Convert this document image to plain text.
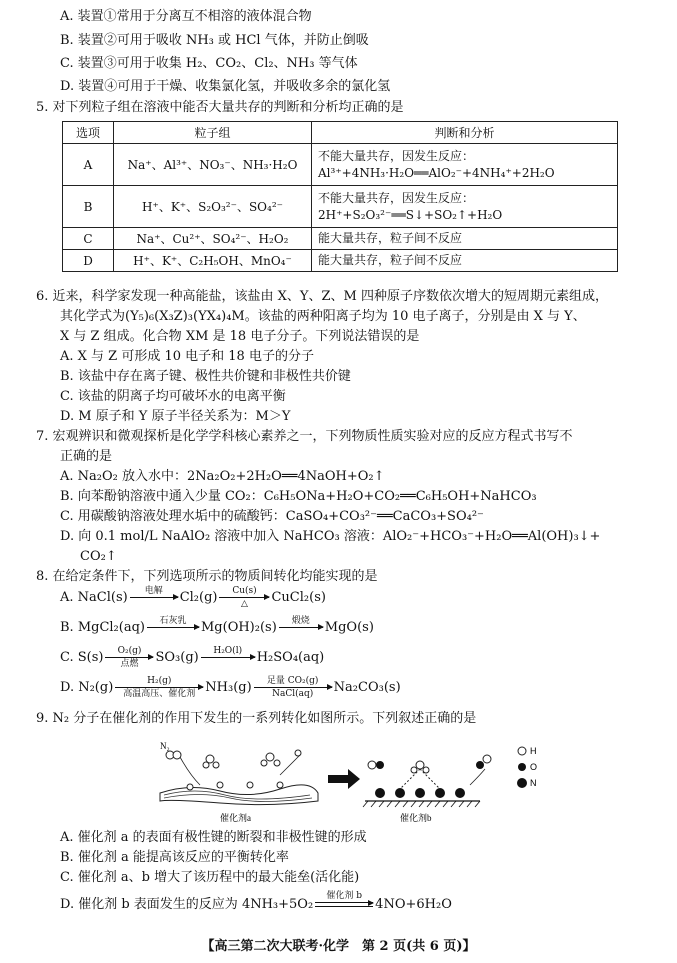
A. 装置①常用于分离互不相溶的液体混合物
B. 装置②可用于吸收 NH₃ 或 HCl 气体，并防止倒吸
C. 装置③可用于收集 H₂、CO₂、Cl₂、NH₃ 等气体
D. 装置④可用于干燥、收集氯化氢，并吸收多余的氯化氢
5. 对下列粒子组在溶液中能否大量共存的判断和分析均正确的是
选项	粒子组	判断和分析
A	Na⁺、Al³⁺、NO₃⁻、NH₃·H₂O	不能大量共存，因发生反应：
Al³⁺+4NH₃·H₂O══AlO₂⁻+4NH₄⁺+2H₂O

B	H⁺、K⁺、S₂O₃²⁻、SO₄²⁻	不能大量共存，因发生反应：
2H⁺+S₂O₃²⁻══S↓+SO₂↑+H₂O

C	Na⁺、Cu²⁺、SO₄²⁻、H₂O₂	能大量共存，粒子间不反应

D	H⁺、K⁺、C₂H₅OH、MnO₄⁻	能大量共存，粒子间不反应
6. 近来，科学家发现一种高能盐，该盐由 X、Y、Z、M 四种原子序数依次增大的短周期元素组成，
其化学式为(Y₅)₆(X₃Z)₃(YX₄)₄M。该盐的两种阳离子均为 10 电子离子，分别是由 X 与 Y、
X 与 Z 组成。化合物 XM 是 18 电子分子。下列说法错误的是
A. X 与 Z 可形成 10 电子和 18 电子的分子
B. 该盐中存在离子键、极性共价键和非极性共价键
C. 该盐的阴离子均可破坏水的电离平衡
D. M 原子和 Y 原子半径关系为：M＞Y
7. 宏观辨识和微观探析是化学学科核心素养之一，下列物质性质实验对应的反应方程式书写不
正确的是
A. Na₂O₂ 放入水中：2Na₂O₂+2H₂O══4NaOH+O₂↑
B. 向苯酚钠溶液中通入少量 CO₂：C₆H₅ONa+H₂O+CO₂══C₆H₅OH+NaHCO₃
C. 用碳酸钠溶液处理水垢中的硫酸钙：CaSO₄+CO₃²⁻══CaCO₃+SO₄²⁻
D. 向 0.1 mol/L NaAlO₂ 溶液中加入 NaHCO₃ 溶液：AlO₂⁻+HCO₃⁻+H₂O══Al(OH)₃↓+
CO₂↑
8. 在给定条件下，下列选项所示的物质间转化均能实现的是
A. NaCl(s)	电解
	Cl₂(g)	Cu(s)
△	CuCl₂(s)
B. MgCl₂(aq)	石灰乳
	Mg(OH)₂(s)	煅烧
	MgO(s)
C. S(s)	O₂(g)
点燃	SO₃(g)	H₂O(l)
	H₂SO₄(aq)
D. N₂(g)	H₂(g)
高温高压、催化剂 NH₃(g)	足量 CO₂(g)
NaCl(aq)	Na₂CO₃(s)
9. N₂ 分子在催化剂的作用下发生的一系列转化如图所示。下列叙述正确的是
N₂
催化剂a	催化剂b
H
O
N
A. 催化剂 a 的表面有极性键的断裂和非极性键的形成
B. 催化剂 a 能提高该反应的平衡转化率
C. 催化剂 a、b 增大了该历程中的最大能垒(活化能)
D. 催化剂 b 表面发生的反应为 4NH₃+5O₂
催化剂 b

4NO+6H₂O
【高三第二次大联考·化学　第 2 页(共 6 页)】
